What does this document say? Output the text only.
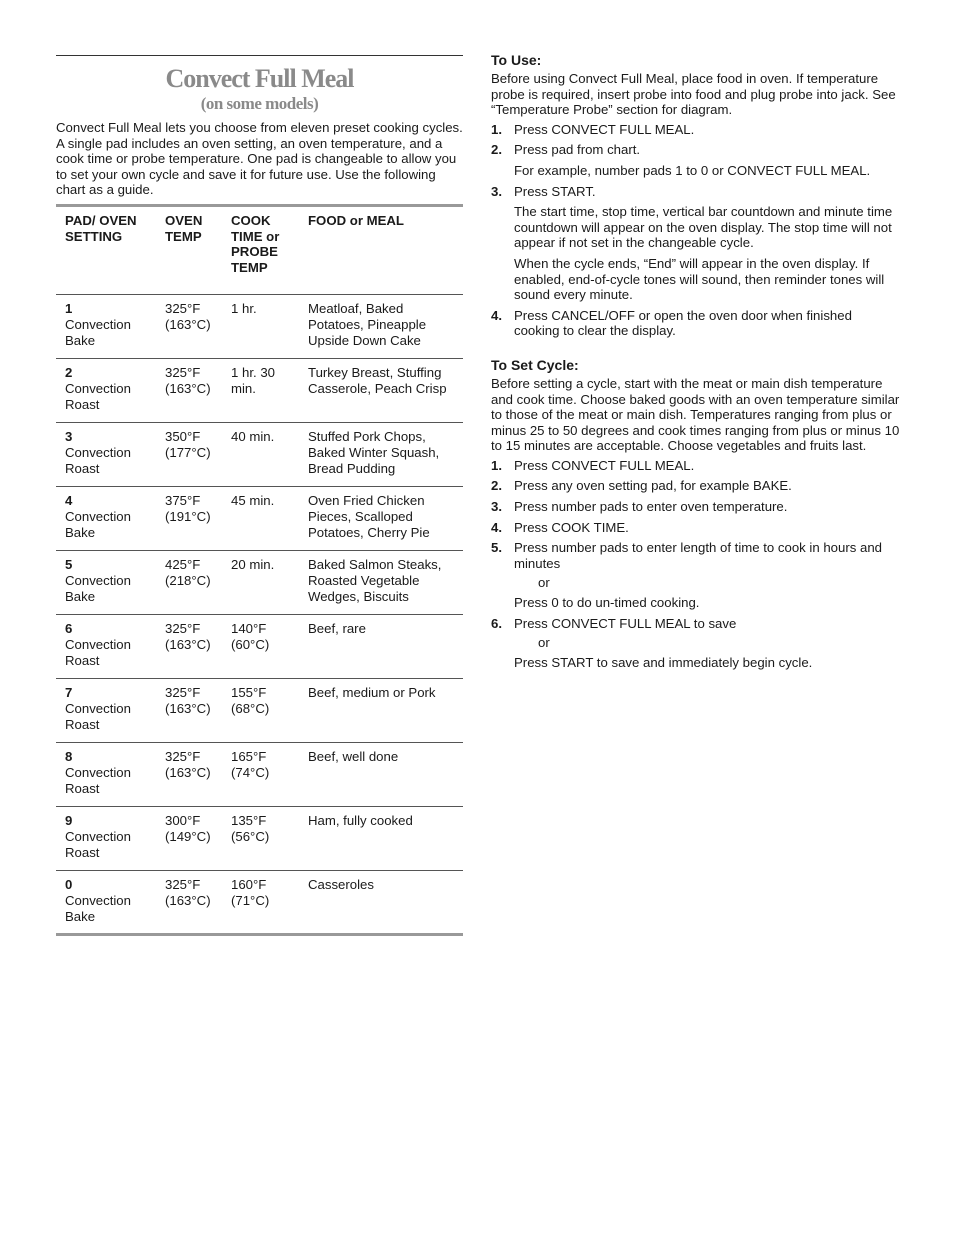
Convect Full Meal
(on some models)

Convect Full Meal lets you choose from eleven preset cooking cycles. A single pad includes an oven setting, an oven temperature, and a cook time or probe temperature. One pad is changeable to allow you to set your own cycle and save it for future use. Use the following chart as a guide.

PAD/ OVEN SETTING	OVEN TEMP	COOK TIME or PROBE TEMP	FOOD or MEAL

1
Convection Bake	325°F (163°C)	1 hr.	Meatloaf, Baked Potatoes, Pineapple Upside Down Cake

2
Convection Roast	325°F (163°C)	1 hr. 30 min.	Turkey Breast, Stuffing Casserole, Peach Crisp

3
Convection Roast	350°F (177°C)	40 min.	Stuffed Pork Chops, Baked Winter Squash, Bread Pudding

4
Convection Bake	375°F (191°C)	45 min.	Oven Fried Chicken Pieces, Scalloped Potatoes, Cherry Pie

5
Convection Bake	425°F (218°C)	20 min.	Baked Salmon Steaks, Roasted Vegetable Wedges, Biscuits

6
Convection Roast	325°F (163°C)	140°F (60°C)	Beef, rare

7
Convection Roast	325°F (163°C)	155°F (68°C)	Beef, medium or Pork

8
Convection Roast	325°F (163°C)	165°F (74°C)	Beef, well done

9
Convection Roast	300°F (149°C)	135°F (56°C)	Ham, fully cooked

0
Convection Bake	325°F (163°C)	160°F (71°C)	Casseroles
To Use:

Before using Convect Full Meal, place food in oven. If temperature probe is required, insert probe into food and plug probe into jack. See “Temperature Probe” section for diagram.

1. Press CONVECT FULL MEAL.
2. Press pad from chart.
For example, number pads 1 to 0 or CONVECT FULL MEAL.
3. Press START.
The start time, stop time, vertical bar countdown and minute time countdown will appear on the oven display. The stop time will not appear if not set in the changeable cycle.
When the cycle ends, “End” will appear in the oven display. If enabled, end-of-cycle tones will sound, then reminder tones will sound every minute.
4. Press CANCEL/OFF or open the oven door when finished cooking to clear the display.
To Set Cycle:

Before setting a cycle, start with the meat or main dish temperature and cook time. Choose baked goods with an oven temperature similar to those of the meat or main dish. Temperatures ranging from plus or minus 25 to 50 degrees and cook times ranging from plus or minus 10 to 15 minutes are acceptable. Choose vegetables and fruits last.

1. Press CONVECT FULL MEAL.
2. Press any oven setting pad, for example BAKE.
3. Press number pads to enter oven temperature.
4. Press COOK TIME.
5. Press number pads to enter length of time to cook in hours and minutes
or
Press 0 to do un-timed cooking.
6. Press CONVECT FULL MEAL to save
or
Press START to save and immediately begin cycle.
